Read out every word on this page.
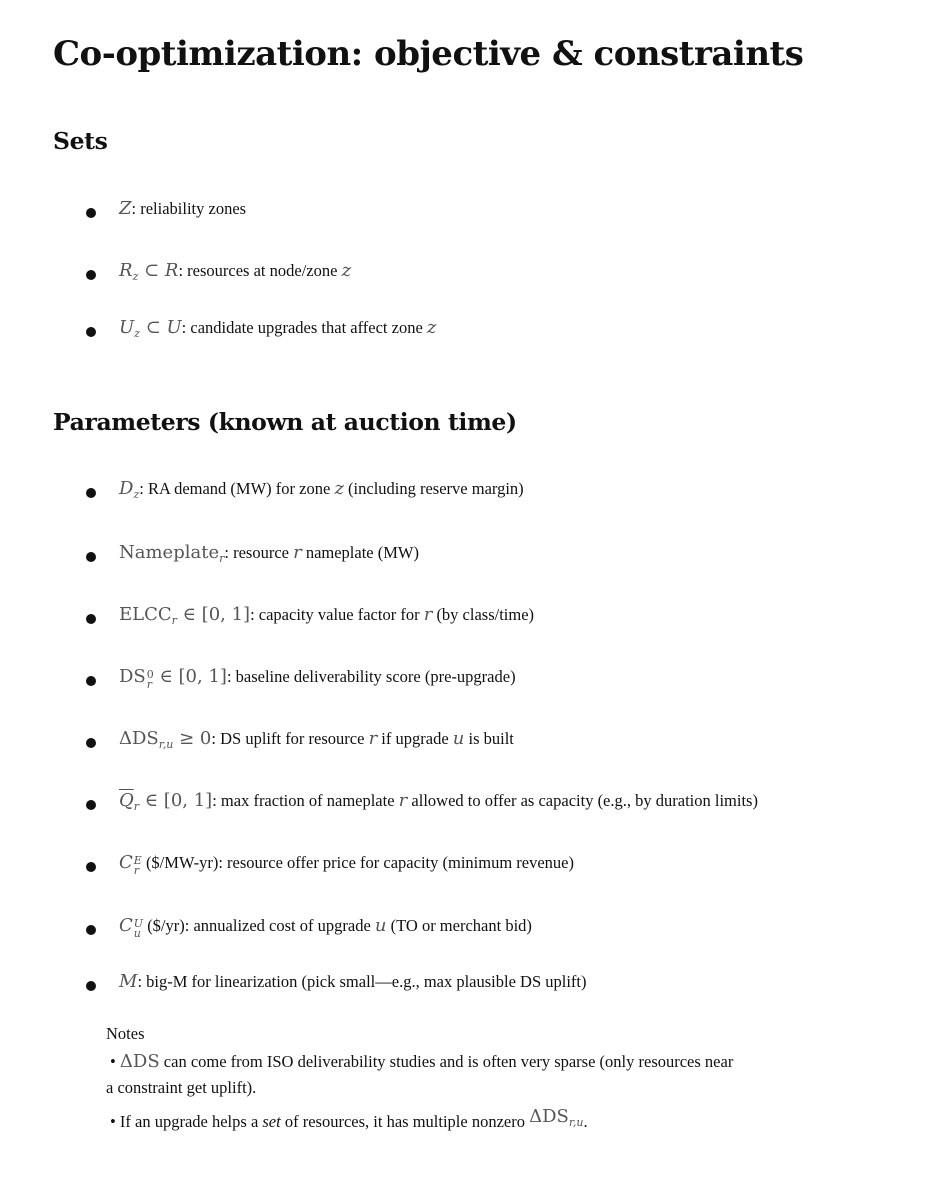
Co-optimization: objective & constraints
Sets
Z: reliability zones
$R_z$ ⊂ R: resources at node/zone z
$U_z$ ⊂ U: candidate upgrades that affect zone z
Parameters (known at auction time)
$D_z$: RA demand (MW) for zone z (including reserve margin)
Nameplate$_r$: resource r nameplate (MW)
$ELCC_r$ ∈ [0, 1]: capacity value factor for r (by class/time)
DS 0
r ∈ [0, 1]: baseline deliverability score (pre-upgrade)
$\Delta DS_{r,u} \ge 0$: DS uplift for resource r if upgrade u is built
$\overline{Q}_r$ ∈ [0, 1]: max fraction of nameplate r allowed to offer as capacity (e.g., by duration limits)
C E
r ($/MW-yr): resource offer price for capacity (minimum revenue)
C U
u ($/yr): annualized cost of upgrade u (TO or merchant bid)
M: big-M for linearization (pick small—e.g., max plausible DS uplift)
Notes
• ΔDS can come from ISO deliverability studies and is often very sparse (only resources near
a constraint get uplift).
• If an upgrade helps a set of resources, it has multiple nonzero $\Delta DS_{r,u}$.
